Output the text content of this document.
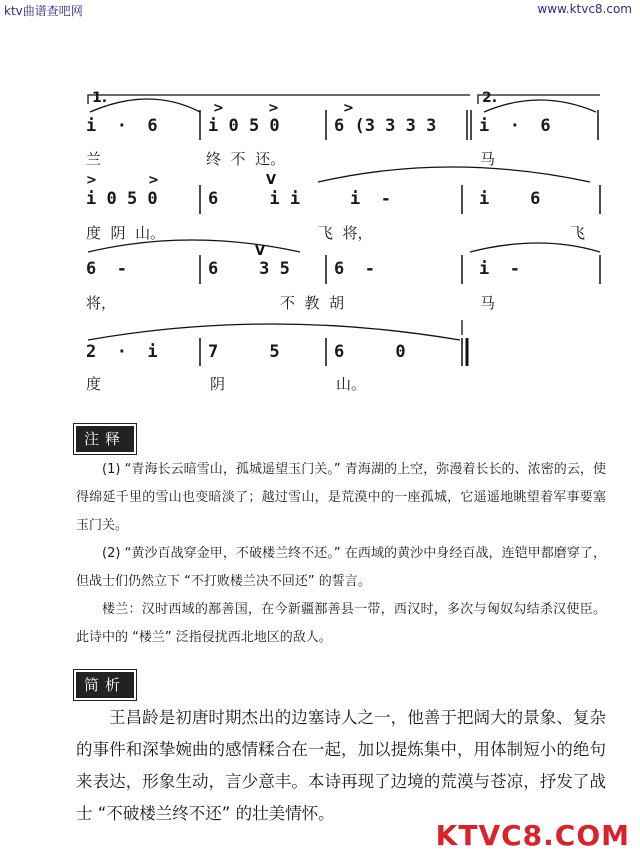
ktv曲谱查吧网	www.ktvc8.com
>	>	>
>	>	V
V
1.	2.
i  ·  6	i 0 5 0	6 (3 3 3 3	i  ·  6
兰	终  不  还。	马
i 0 5 0	6     i i	i  -	i    6
度  阴  山。	飞  将，	飞
6  -	6    3 5	6  -	i  -
将，	不  教  胡	马
2  ·  i	7     5	6     0
度	阴	山。
注释
(1) “青海长云暗雪山，孤城遥望玉门关。” 青海湖的上空，弥漫着长长的、浓密的云，使得绵延千里的雪山也变暗淡了；越过雪山，是荒漠中的一座孤城，它遥遥地眺望着军事要塞玉门关。
(2) “黄沙百战穿金甲，不破楼兰终不还。” 在西域的黄沙中身经百战，连铠甲都磨穿了，但战士们仍然立下 “不打败楼兰决不回还” 的誓言。
楼兰：汉时西域的鄯善国，在今新疆鄯善县一带，西汉时，多次与匈奴勾结杀汉使臣。此诗中的 “楼兰” 泛指侵扰西北地区的敌人。
简析
王昌龄是初唐时期杰出的边塞诗人之一，他善于把阔大的景象、复杂的事件和深挚婉曲的感情糅合在一起，加以提炼集中，用体制短小的绝句来表达，形象生动，言少意丰。本诗再现了边境的荒漠与苍凉，抒发了战士 “不破楼兰终不还” 的壮美情怀。
KTVC8.COM
